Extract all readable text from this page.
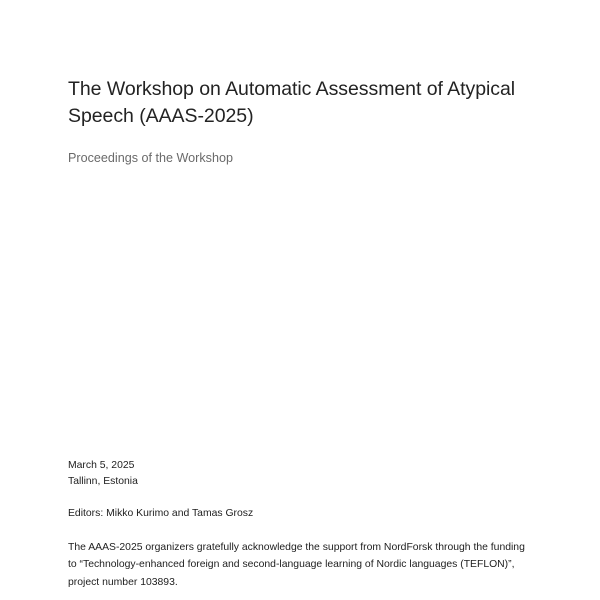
The Workshop on Automatic Assessment of Atypical Speech (AAAS-2025)

Proceedings of the Workshop

March 5, 2025

Tallinn, Estonia

Editors: Mikko Kurimo and Tamas Grosz

The AAAS-2025 organizers gratefully acknowledge the support from NordForsk through the funding to “Technology-enhanced foreign and second-language learning of Nordic languages (TEFLON)”, project number 103893.
